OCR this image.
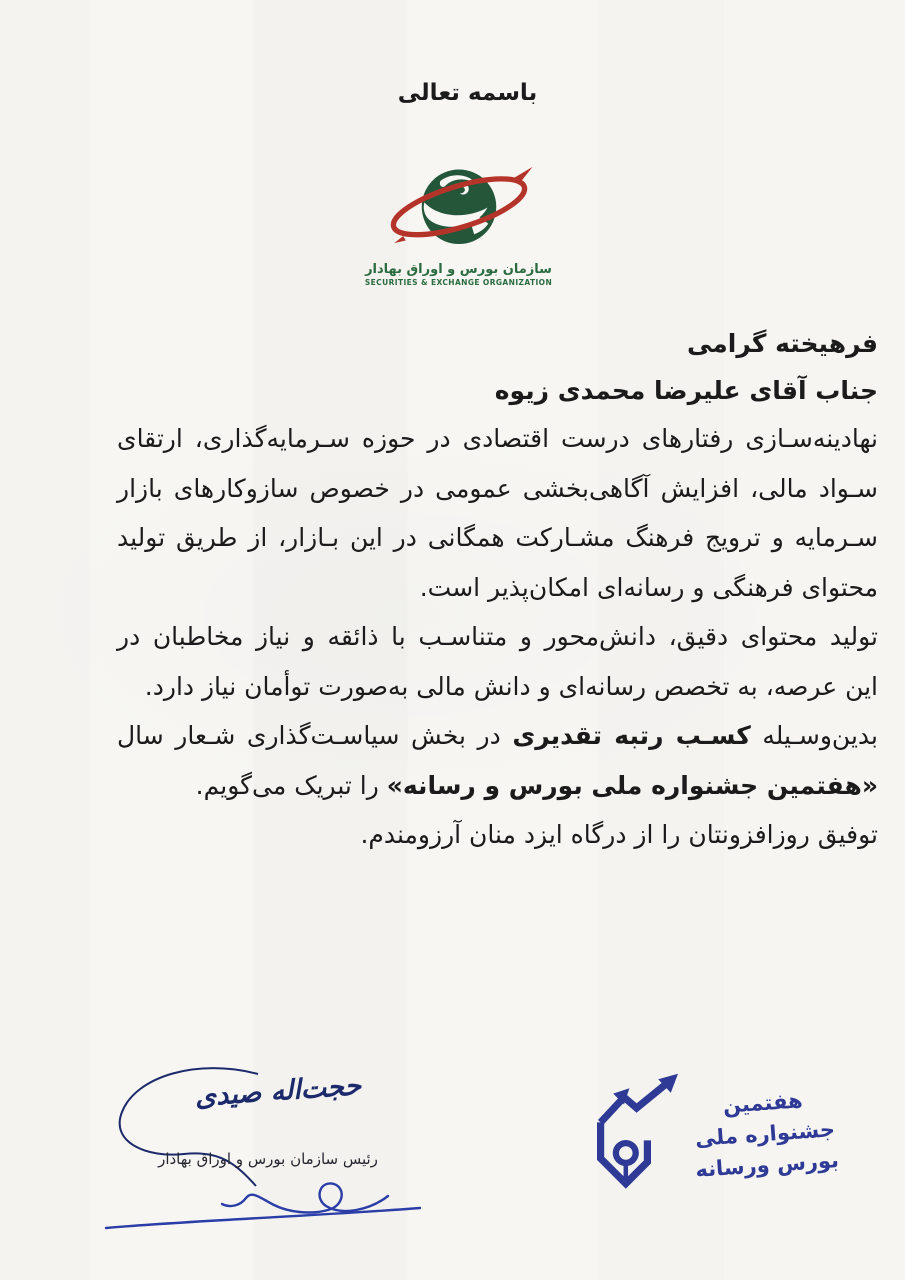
باسمه تعالی
سازمان بورس و اوراق بهادار
SECURITIES & EXCHANGE ORGANIZATION
فرهیخته گرامی
جناب آقای علیرضا محمدی زیوه
نهادینه‌سـازی رفتارهای درست اقتصادی در حوزه سـرمایه‌گذاری، ارتقای
سـواد مالی، افزایش آگاهی‌بخشی عمومی در خصوص سازوکارهای بازار
سـرمایه و ترویج فرهنگ مشـارکت همگانی در این بـازار، از طریق تولید
محتوای فرهنگی و رسانه‌ای امکان‌پذیر است.
تولید محتوای دقیق، دانش‌محور و متناسـب با ذائقه و نیاز مخاطبان در
این عرصه، به تخصص رسانه‌ای و دانش مالی به‌صورت توأمان نیاز دارد.
بدین‌وسـیله کسـب رتبه تقدیری در بخش سیاسـت‌گذاری شـعار سال
«هفتمین جشنواره ملی بورس و رسانه» را تبریک می‌گویم.
توفیق روزافزونتان را از درگاه ایزد منان آرزومندم.
حجت‌اله صیدی
رئیس سازمان بورس و اوراق بهادار
هفتمین
جشنواره ملی
بورس ورسانه
